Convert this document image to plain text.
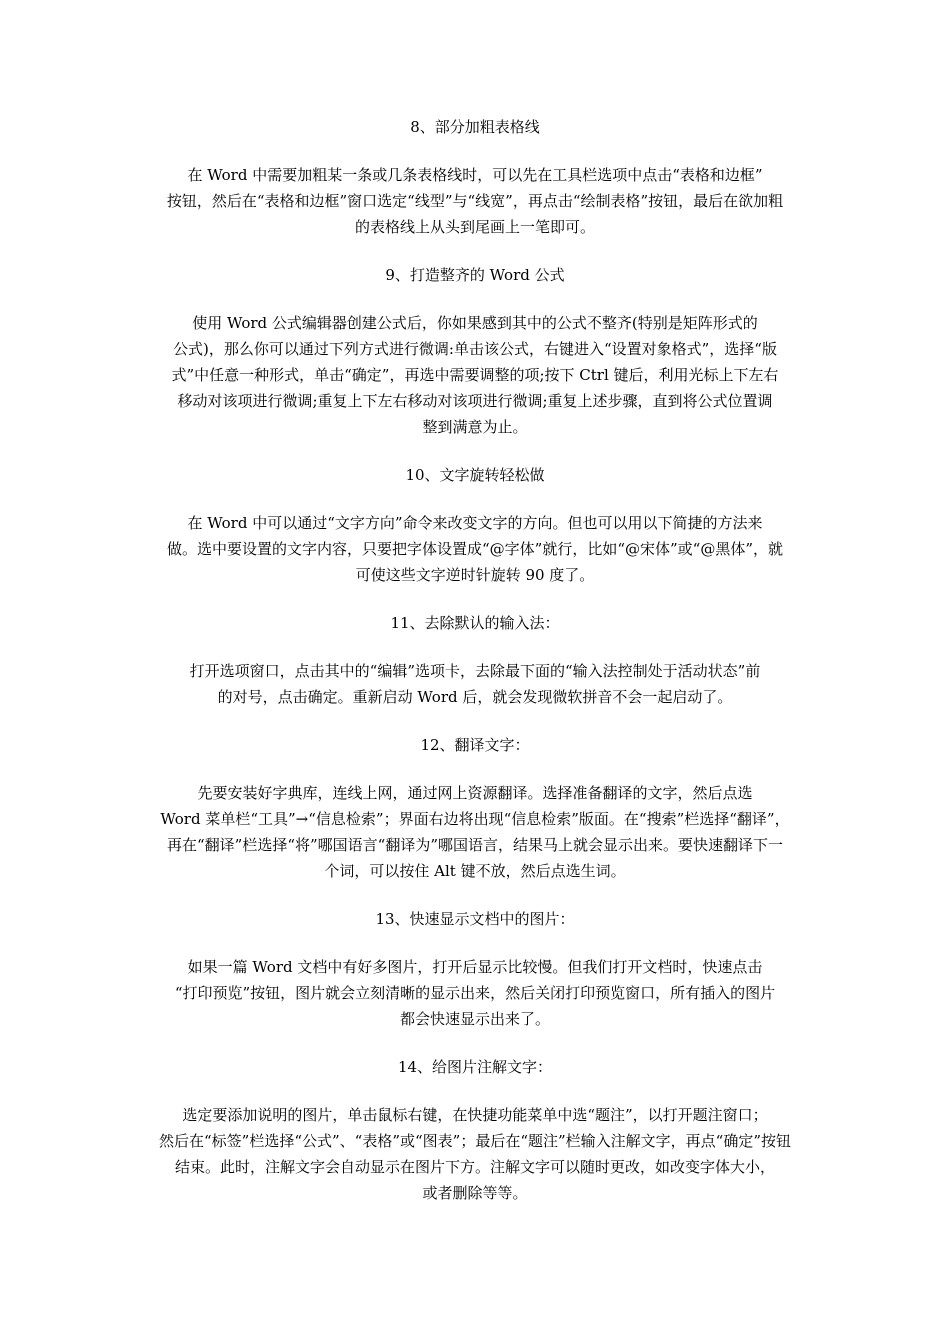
8、部分加粗表格线

在 Word 中需要加粗某一条或几条表格线时，可以先在工具栏选项中点击“表格和边框”
按钮，然后在“表格和边框”窗口选定“线型”与“线宽”，再点击“绘制表格”按钮，最后在欲加粗
的表格线上从头到尾画上一笔即可。

9、打造整齐的 Word 公式

使用 Word 公式编辑器创建公式后，你如果感到其中的公式不整齐(特别是矩阵形式的
公式)，那么你可以通过下列方式进行微调:单击该公式，右键进入“设置对象格式”，选择“版
式”中任意一种形式，单击“确定”，再选中需要调整的项;按下 Ctrl 键后，利用光标上下左右
移动对该项进行微调;重复上下左右移动对该项进行微调;重复上述步骤，直到将公式位置调
整到满意为止。

10、文字旋转轻松做

在 Word 中可以通过“文字方向”命令来改变文字的方向。但也可以用以下简捷的方法来
做。选中要设置的文字内容，只要把字体设置成“@字体”就行，比如“@宋体”或“@黑体”，就
可使这些文字逆时针旋转 90 度了。

11、去除默认的输入法：

打开选项窗口，点击其中的“编辑”选项卡，去除最下面的“输入法控制处于活动状态”前
的对号，点击确定。重新启动 Word 后，就会发现微软拼音不会一起启动了。

12、翻译文字：

先要安装好字典库，连线上网，通过网上资源翻译。选择准备翻译的文字，然后点选
Word 菜单栏“工具”→“信息检索”；界面右边将出现“信息检索”版面。在“搜索”栏选择“翻译”，
再在“翻译”栏选择“将”哪国语言“翻译为”哪国语言，结果马上就会显示出来。要快速翻译下一
个词，可以按住 Alt 键不放，然后点选生词。

13、快速显示文档中的图片：

如果一篇 Word 文档中有好多图片，打开后显示比较慢。但我们打开文档时，快速点击
“打印预览”按钮，图片就会立刻清晰的显示出来，然后关闭打印预览窗口，所有插入的图片
都会快速显示出来了。

14、给图片注解文字：

选定要添加说明的图片，单击鼠标右键，在快捷功能菜单中选“题注”，以打开题注窗口；
然后在“标签”栏选择“公式”、“表格”或“图表”；最后在“题注”栏输入注解文字，再点“确定”按钮
结束。此时，注解文字会自动显示在图片下方。注解文字可以随时更改，如改变字体大小，
或者删除等等。
